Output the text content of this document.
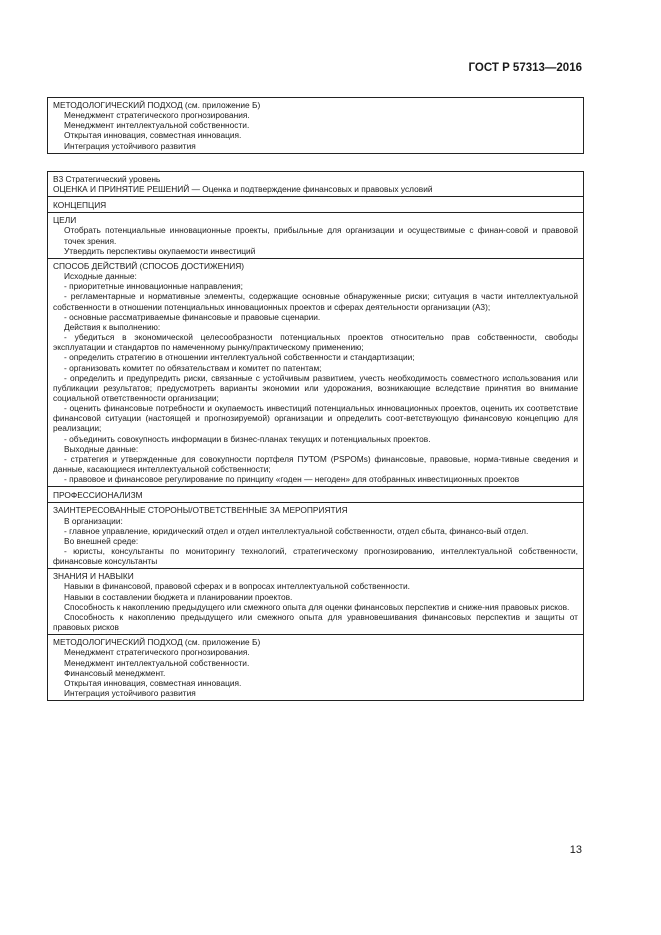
ГОСТ Р 57313—2016
МЕТОДОЛОГИЧЕСКИЙ ПОДХОД (см. приложение Б)
Менеджмент стратегического прогнозирования.
Менеджмент интеллектуальной собственности.
Открытая инновация, совместная инновация.
Интеграция устойчивого развития
В3 Стратегический уровень
ОЦЕНКА И ПРИНЯТИЕ РЕШЕНИЙ — Оценка и подтверждение финансовых и правовых условий
КОНЦЕПЦИЯ
ЦЕЛИ
Отобрать потенциальные инновационные проекты, прибыльные для организации и осуществимые с финан-совой и правовой точек зрения.
Утвердить перспективы окупаемости инвестиций
СПОСОБ ДЕЙСТВИЙ (СПОСОБ ДОСТИЖЕНИЯ)
Исходные данные:
- приоритетные инновационные направления;
- регламентарные и нормативные элементы, содержащие основные обнаруженные риски; ситуация в части интеллектуальной собственности в отношении потенциальных инновационных проектов и сферах деятельности организации (А3);
- основные рассматриваемые финансовые и правовые сценарии.
Действия к выполнению:
- убедиться в экономической целесообразности потенциальных проектов относительно прав собственности, свободы эксплуатации и стандартов по намеченному рынку/практическому применению;
- определить стратегию в отношении интеллектуальной собственности и стандартизации;
- организовать комитет по обязательствам и комитет по патентам;
- определить и предупредить риски, связанные с устойчивым развитием, учесть необходимость совместного использования или публикации результатов; предусмотреть варианты экономии или удорожания, возникающие вследствие принятия во внимание социальной ответственности организации;
- оценить финансовые потребности и окупаемость инвестиций потенциальных инновационных проектов, оценить их соответствие финансовой ситуации (настоящей и прогнозируемой) организации и определить соот-ветствующую финансовую концепцию для реализации;
- объединить совокупность информации в бизнес-планах текущих и потенциальных проектов.
Выходные данные:
- стратегия и утвержденные для совокупности портфеля ПУТОМ (PSPOMs) финансовые, правовые, норма-тивные сведения и данные, касающиеся интеллектуальной собственности;
- правовое и финансовое регулирование по принципу «годен — негоден» для отобранных инвестиционных проектов
ПРОФЕССИОНАЛИЗМ
ЗАИНТЕРЕСОВАННЫЕ СТОРОНЫ/ОТВЕТСТВЕННЫЕ ЗА МЕРОПРИЯТИЯ
В организации:
- главное управление, юридический отдел и отдел интеллектуальной собственности, отдел сбыта, финансо-вый отдел.
Во внешней среде:
- юристы, консультанты по мониторингу технологий, стратегическому прогнозированию, интеллектуальной собственности, финансовые консультанты
ЗНАНИЯ И НАВЫКИ
Навыки в финансовой, правовой сферах и в вопросах интеллектуальной собственности.
Навыки в составлении бюджета и планировании проектов.
Способность к накоплению предыдущего или смежного опыта для оценки финансовых перспектив и сниже-ния правовых рисков.
Способность к накоплению предыдущего или смежного опыта для уравновешивания финансовых перспектив и защиты от правовых рисков
МЕТОДОЛОГИЧЕСКИЙ ПОДХОД (см. приложение Б)
Менеджмент стратегического прогнозирования.
Менеджмент интеллектуальной собственности.
Финансовый менеджмент.
Открытая инновация, совместная инновация.
Интеграция устойчивого развития
13
